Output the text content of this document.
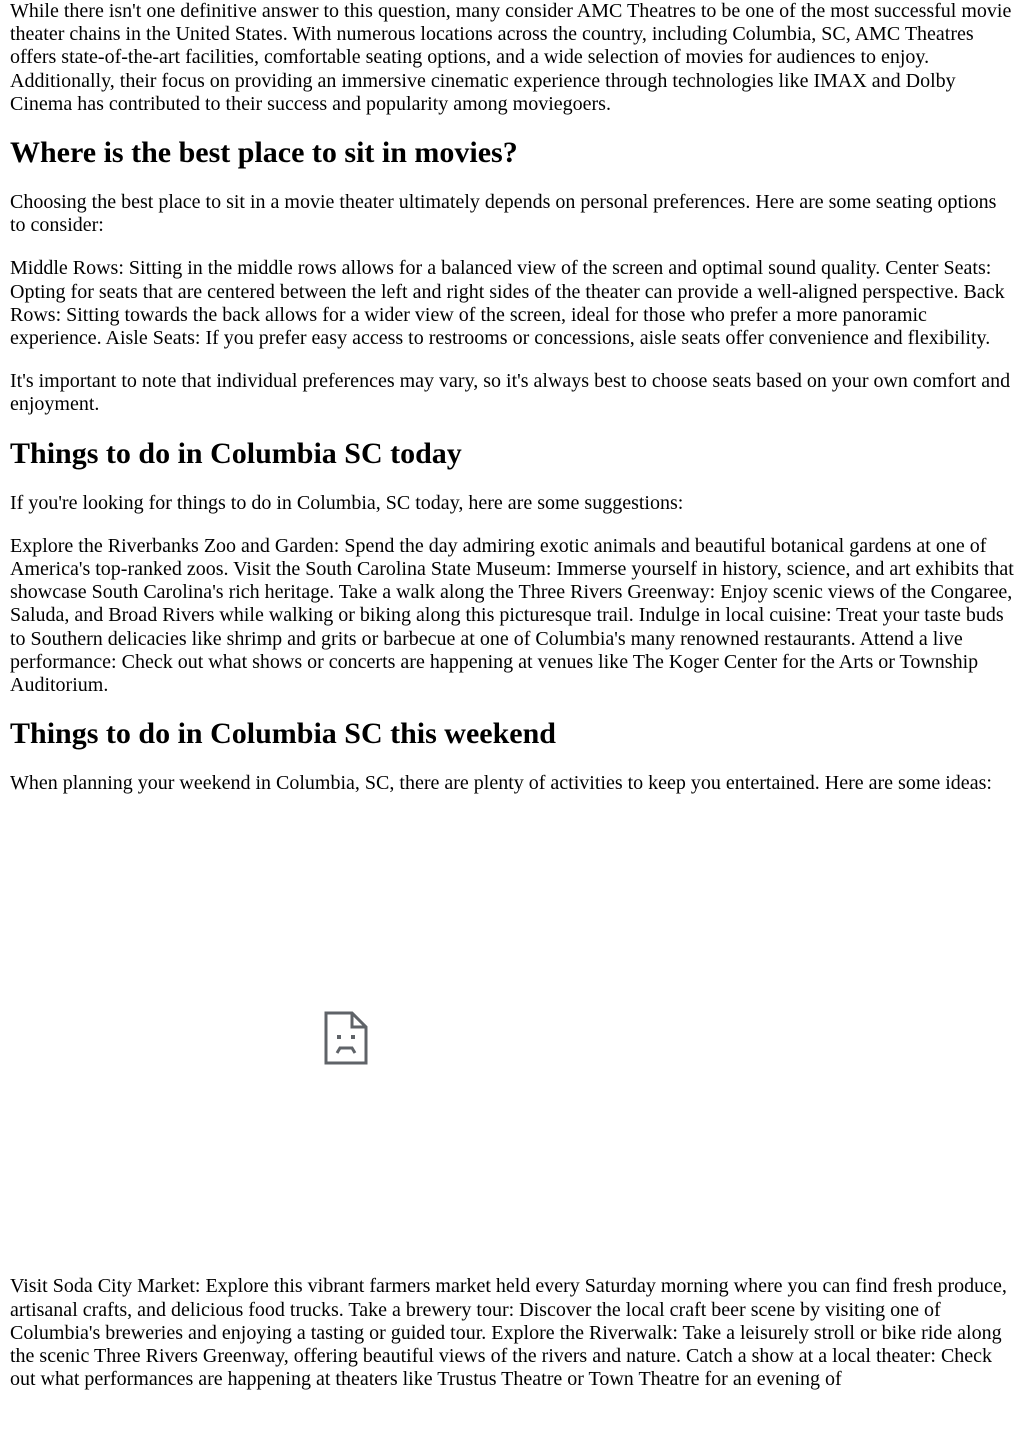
While there isn't one definitive answer to this question, many consider AMC Theatres to be one of the most successful movie theater chains in the United States. With numerous locations across the country, including Columbia, SC, AMC Theatres offers state-of-the-art facilities, comfortable seating options, and a wide selection of movies for audiences to enjoy. Additionally, their focus on providing an immersive cinematic experience through technologies like IMAX and Dolby Cinema has contributed to their success and popularity among moviegoers.

Where is the best place to sit in movies?

Choosing the best place to sit in a movie theater ultimately depends on personal preferences. Here are some seating options to consider:

Middle Rows: Sitting in the middle rows allows for a balanced view of the screen and optimal sound quality. Center Seats: Opting for seats that are centered between the left and right sides of the theater can provide a well-aligned perspective. Back Rows: Sitting towards the back allows for a wider view of the screen, ideal for those who prefer a more panoramic experience. Aisle Seats: If you prefer easy access to restrooms or concessions, aisle seats offer convenience and flexibility.

It's important to note that individual preferences may vary, so it's always best to choose seats based on your own comfort and enjoyment.

Things to do in Columbia SC today

If you're looking for things to do in Columbia, SC today, here are some suggestions:

Explore the Riverbanks Zoo and Garden: Spend the day admiring exotic animals and beautiful botanical gardens at one of America's top-ranked zoos. Visit the South Carolina State Museum: Immerse yourself in history, science, and art exhibits that showcase South Carolina's rich heritage. Take a walk along the Three Rivers Greenway: Enjoy scenic views of the Congaree, Saluda, and Broad Rivers while walking or biking along this picturesque trail. Indulge in local cuisine: Treat your taste buds to Southern delicacies like shrimp and grits or barbecue at one of Columbia's many renowned restaurants. Attend a live performance: Check out what shows or concerts are happening at venues like The Koger Center for the Arts or Township Auditorium.

Things to do in Columbia SC this weekend

When planning your weekend in Columbia, SC, there are plenty of activities to keep you entertained. Here are some ideas:

Visit Soda City Market: Explore this vibrant farmers market held every Saturday morning where you can find fresh produce, artisanal crafts, and delicious food trucks. Take a brewery tour: Discover the local craft beer scene by visiting one of Columbia's breweries and enjoying a tasting or guided tour. Explore the Riverwalk: Take a leisurely stroll or bike ride along the scenic Three Rivers Greenway, offering beautiful views of the rivers and nature. Catch a show at a local theater: Check out what performances are happening at theaters like Trustus Theatre or Town Theatre for an evening of
